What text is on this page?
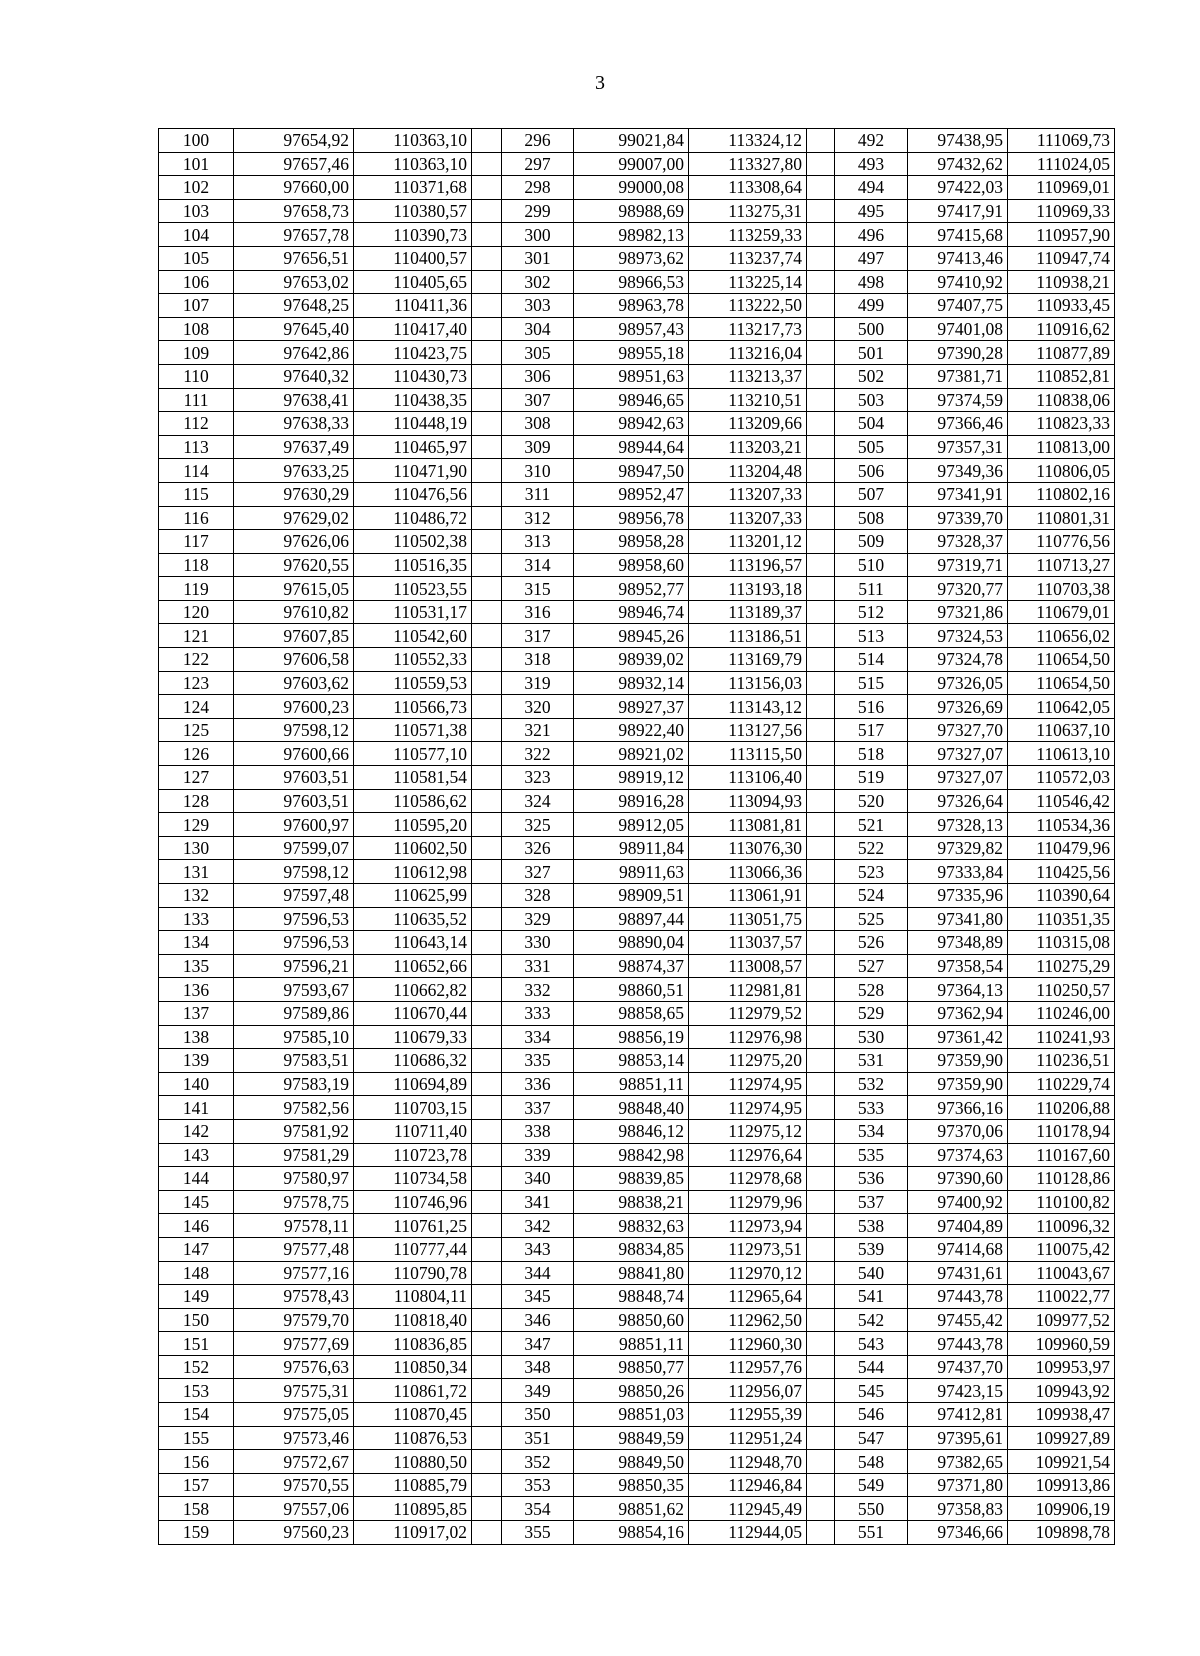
3
100	97654,92	110363,10		296	99021,84	113324,12		492	97438,95	111069,73
101	97657,46	110363,10		297	99007,00	113327,80		493	97432,62	111024,05
102	97660,00	110371,68		298	99000,08	113308,64		494	97422,03	110969,01
103	97658,73	110380,57		299	98988,69	113275,31		495	97417,91	110969,33
104	97657,78	110390,73		300	98982,13	113259,33		496	97415,68	110957,90
105	97656,51	110400,57		301	98973,62	113237,74		497	97413,46	110947,74
106	97653,02	110405,65		302	98966,53	113225,14		498	97410,92	110938,21
107	97648,25	110411,36		303	98963,78	113222,50		499	97407,75	110933,45
108	97645,40	110417,40		304	98957,43	113217,73		500	97401,08	110916,62
109	97642,86	110423,75		305	98955,18	113216,04		501	97390,28	110877,89
110	97640,32	110430,73		306	98951,63	113213,37		502	97381,71	110852,81
111	97638,41	110438,35		307	98946,65	113210,51		503	97374,59	110838,06
112	97638,33	110448,19		308	98942,63	113209,66		504	97366,46	110823,33
113	97637,49	110465,97		309	98944,64	113203,21		505	97357,31	110813,00
114	97633,25	110471,90		310	98947,50	113204,48		506	97349,36	110806,05
115	97630,29	110476,56		311	98952,47	113207,33		507	97341,91	110802,16
116	97629,02	110486,72		312	98956,78	113207,33		508	97339,70	110801,31
117	97626,06	110502,38		313	98958,28	113201,12		509	97328,37	110776,56
118	97620,55	110516,35		314	98958,60	113196,57		510	97319,71	110713,27
119	97615,05	110523,55		315	98952,77	113193,18		511	97320,77	110703,38
120	97610,82	110531,17		316	98946,74	113189,37		512	97321,86	110679,01
121	97607,85	110542,60		317	98945,26	113186,51		513	97324,53	110656,02
122	97606,58	110552,33		318	98939,02	113169,79		514	97324,78	110654,50
123	97603,62	110559,53		319	98932,14	113156,03		515	97326,05	110654,50
124	97600,23	110566,73		320	98927,37	113143,12		516	97326,69	110642,05
125	97598,12	110571,38		321	98922,40	113127,56		517	97327,70	110637,10
126	97600,66	110577,10		322	98921,02	113115,50		518	97327,07	110613,10
127	97603,51	110581,54		323	98919,12	113106,40		519	97327,07	110572,03
128	97603,51	110586,62		324	98916,28	113094,93		520	97326,64	110546,42
129	97600,97	110595,20		325	98912,05	113081,81		521	97328,13	110534,36
130	97599,07	110602,50		326	98911,84	113076,30		522	97329,82	110479,96
131	97598,12	110612,98		327	98911,63	113066,36		523	97333,84	110425,56
132	97597,48	110625,99		328	98909,51	113061,91		524	97335,96	110390,64
133	97596,53	110635,52		329	98897,44	113051,75		525	97341,80	110351,35
134	97596,53	110643,14		330	98890,04	113037,57		526	97348,89	110315,08
135	97596,21	110652,66		331	98874,37	113008,57		527	97358,54	110275,29
136	97593,67	110662,82		332	98860,51	112981,81		528	97364,13	110250,57
137	97589,86	110670,44		333	98858,65	112979,52		529	97362,94	110246,00
138	97585,10	110679,33		334	98856,19	112976,98		530	97361,42	110241,93
139	97583,51	110686,32		335	98853,14	112975,20		531	97359,90	110236,51
140	97583,19	110694,89		336	98851,11	112974,95		532	97359,90	110229,74
141	97582,56	110703,15		337	98848,40	112974,95		533	97366,16	110206,88
142	97581,92	110711,40		338	98846,12	112975,12		534	97370,06	110178,94
143	97581,29	110723,78		339	98842,98	112976,64		535	97374,63	110167,60
144	97580,97	110734,58		340	98839,85	112978,68		536	97390,60	110128,86
145	97578,75	110746,96		341	98838,21	112979,96		537	97400,92	110100,82
146	97578,11	110761,25		342	98832,63	112973,94		538	97404,89	110096,32
147	97577,48	110777,44		343	98834,85	112973,51		539	97414,68	110075,42
148	97577,16	110790,78		344	98841,80	112970,12		540	97431,61	110043,67
149	97578,43	110804,11		345	98848,74	112965,64		541	97443,78	110022,77
150	97579,70	110818,40		346	98850,60	112962,50		542	97455,42	109977,52
151	97577,69	110836,85		347	98851,11	112960,30		543	97443,78	109960,59
152	97576,63	110850,34		348	98850,77	112957,76		544	97437,70	109953,97
153	97575,31	110861,72		349	98850,26	112956,07		545	97423,15	109943,92
154	97575,05	110870,45		350	98851,03	112955,39		546	97412,81	109938,47
155	97573,46	110876,53		351	98849,59	112951,24		547	97395,61	109927,89
156	97572,67	110880,50		352	98849,50	112948,70		548	97382,65	109921,54
157	97570,55	110885,79		353	98850,35	112946,84		549	97371,80	109913,86
158	97557,06	110895,85		354	98851,62	112945,49		550	97358,83	109906,19
159	97560,23	110917,02		355	98854,16	112944,05		551	97346,66	109898,78
